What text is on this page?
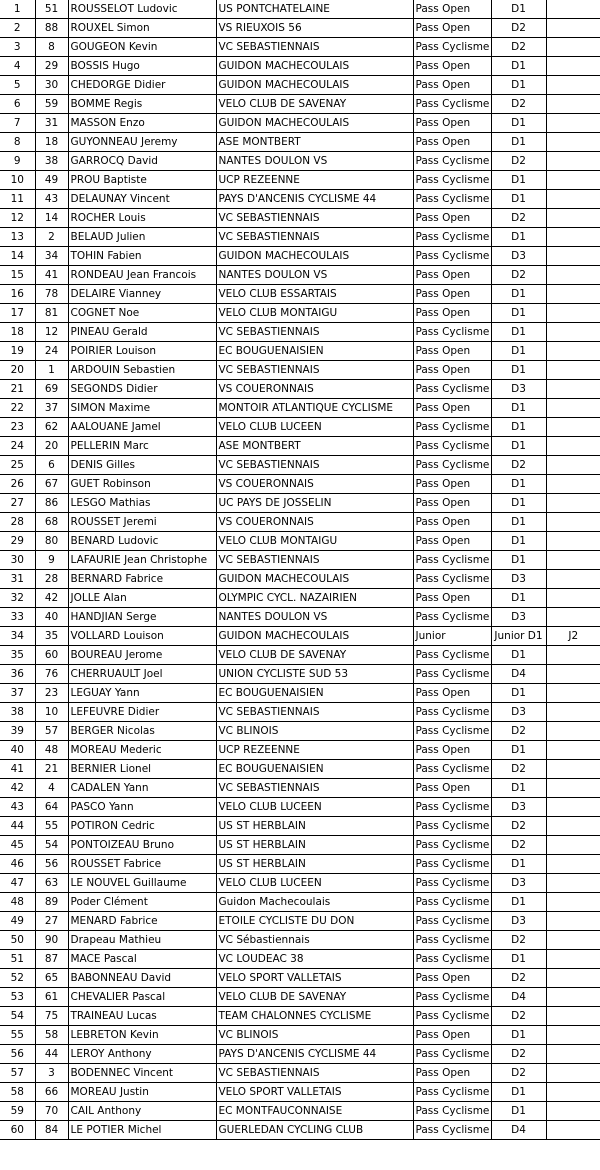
1	51	ROUSSELOT Ludovic	US PONTCHATELAINE	Pass Open	D1	
2	88	ROUXEL Simon	VS RIEUXOIS 56	Pass Open	D2	
3	8	GOUGEON Kevin	VC SEBASTIENNAIS	Pass Cyclisme	D2	
4	29	BOSSIS Hugo	GUIDON MACHECOULAIS	Pass Open	D1	
5	30	CHEDORGE Didier	GUIDON MACHECOULAIS	Pass Open	D1	
6	59	BOMME Regis	VELO CLUB DE SAVENAY	Pass Cyclisme	D2	
7	31	MASSON Enzo	GUIDON MACHECOULAIS	Pass Open	D1	
8	18	GUYONNEAU Jeremy	ASE MONTBERT	Pass Open	D1	
9	38	GARROCQ David	NANTES DOULON VS	Pass Cyclisme	D2	
10	49	PROU Baptiste	UCP REZEENNE	Pass Cyclisme	D1	
11	43	DELAUNAY Vincent	PAYS D'ANCENIS CYCLISME 44	Pass Cyclisme	D1	
12	14	ROCHER Louis	VC SEBASTIENNAIS	Pass Open	D2	
13	2	BELAUD Julien	VC SEBASTIENNAIS	Pass Cyclisme	D1	
14	34	TOHIN Fabien	GUIDON MACHECOULAIS	Pass Cyclisme	D3	
15	41	RONDEAU Jean Francois	NANTES DOULON VS	Pass Open	D2	
16	78	DELAIRE Vianney	VELO CLUB ESSARTAIS	Pass Open	D1	
17	81	COGNET Noe	VELO CLUB MONTAIGU	Pass Open	D1	
18	12	PINEAU Gerald	VC SEBASTIENNAIS	Pass Cyclisme	D1	
19	24	POIRIER Louison	EC BOUGUENAISIEN	Pass Open	D1	
20	1	ARDOUIN Sebastien	VC SEBASTIENNAIS	Pass Open	D1	
21	69	SEGONDS Didier	VS COUERONNAIS	Pass Cyclisme	D3	
22	37	SIMON Maxime	MONTOIR ATLANTIQUE CYCLISME	Pass Open	D1	
23	62	AALOUANE Jamel	VELO CLUB LUCEEN	Pass Cyclisme	D1	
24	20	PELLERIN Marc	ASE MONTBERT	Pass Cyclisme	D1	
25	6	DENIS Gilles	VC SEBASTIENNAIS	Pass Cyclisme	D2	
26	67	GUET Robinson	VS COUERONNAIS	Pass Open	D1	
27	86	LESGO Mathias	UC PAYS DE JOSSELIN	Pass Open	D1	
28	68	ROUSSET Jeremi	VS COUERONNAIS	Pass Open	D1	
29	80	BENARD Ludovic	VELO CLUB MONTAIGU	Pass Open	D1	
30	9	LAFAURIE Jean Christophe	VC SEBASTIENNAIS	Pass Cyclisme	D1	
31	28	BERNARD Fabrice	GUIDON MACHECOULAIS	Pass Cyclisme	D3	
32	42	JOLLE Alan	OLYMPIC CYCL. NAZAIRIEN	Pass Open	D1	
33	40	HANDJIAN Serge	NANTES DOULON VS	Pass Cyclisme	D3	
34	35	VOLLARD Louison	GUIDON MACHECOULAIS	Junior	Junior D1	J2
35	60	BOUREAU Jerome	VELO CLUB DE SAVENAY	Pass Cyclisme	D1	
36	76	CHERRUAULT Joel	UNION CYCLISTE SUD 53	Pass Cyclisme	D4	
37	23	LEGUAY Yann	EC BOUGUENAISIEN	Pass Open	D1	
38	10	LEFEUVRE Didier	VC SEBASTIENNAIS	Pass Cyclisme	D3	
39	57	BERGER Nicolas	VC BLINOIS	Pass Cyclisme	D2	
40	48	MOREAU Mederic	UCP REZEENNE	Pass Open	D1	
41	21	BERNIER Lionel	EC BOUGUENAISIEN	Pass Cyclisme	D2	
42	4	CADALEN Yann	VC SEBASTIENNAIS	Pass Open	D1	
43	64	PASCO Yann	VELO CLUB LUCEEN	Pass Cyclisme	D3	
44	55	POTIRON Cedric	US ST HERBLAIN	Pass Cyclisme	D2	
45	54	PONTOIZEAU Bruno	US ST HERBLAIN	Pass Cyclisme	D2	
46	56	ROUSSET Fabrice	US ST HERBLAIN	Pass Cyclisme	D1	
47	63	LE NOUVEL Guillaume	VELO CLUB LUCEEN	Pass Cyclisme	D3	
48	89	Poder Clément	Guidon Machecoulais	Pass Cyclisme	D1	
49	27	MENARD Fabrice	ETOILE CYCLISTE DU DON	Pass Cyclisme	D3	
50	90	Drapeau Mathieu	VC Sébastiennais	Pass Cyclisme	D2	
51	87	MACE Pascal	VC LOUDEAC 38	Pass Cyclisme	D1	
52	65	BABONNEAU David	VELO SPORT VALLETAIS	Pass Open	D2	
53	61	CHEVALIER Pascal	VELO CLUB DE SAVENAY	Pass Cyclisme	D4	
54	75	TRAINEAU Lucas	TEAM CHALONNES CYCLISME	Pass Cyclisme	D2	
55	58	LEBRETON Kevin	VC BLINOIS	Pass Open	D1	
56	44	LEROY Anthony	PAYS D'ANCENIS CYCLISME 44	Pass Cyclisme	D2	
57	3	BODENNEC Vincent	VC SEBASTIENNAIS	Pass Open	D2	
58	66	MOREAU Justin	VELO SPORT VALLETAIS	Pass Cyclisme	D1	
59	70	CAIL Anthony	EC MONTFAUCONNAISE	Pass Cyclisme	D1	
60	84	LE POTIER Michel	GUERLEDAN CYCLING CLUB	Pass Cyclisme	D4	
